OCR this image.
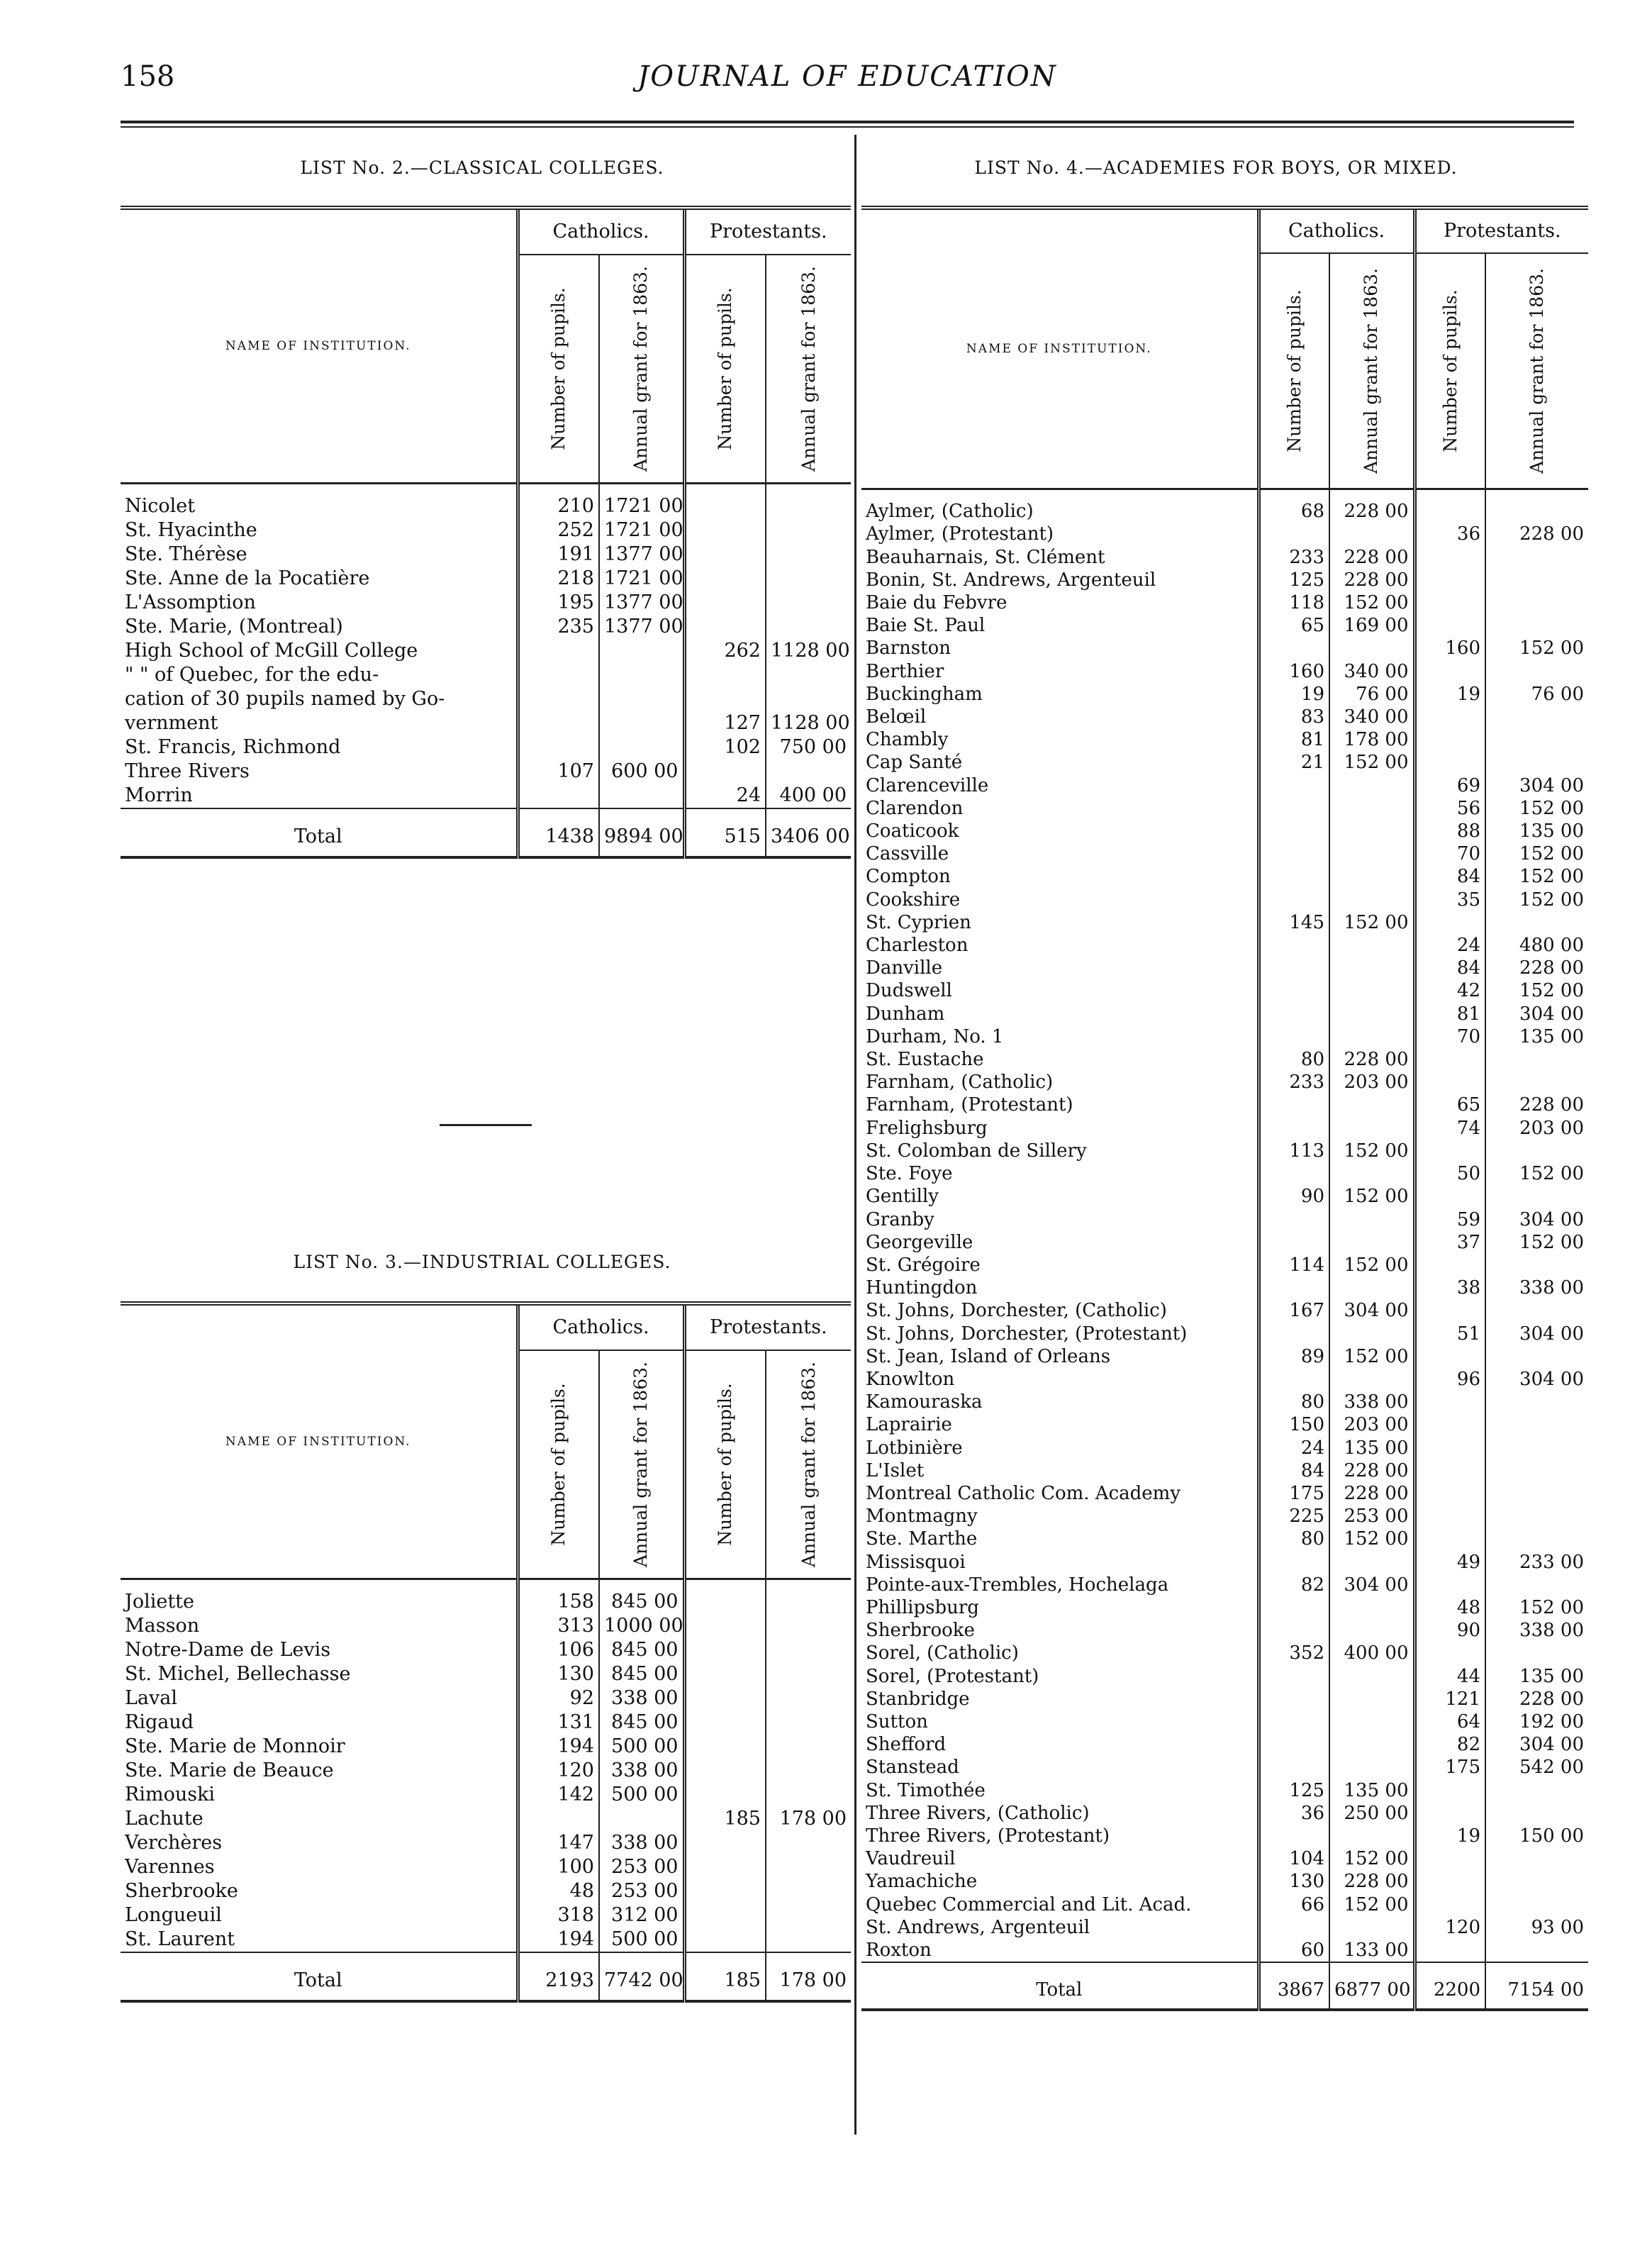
158	JOURNAL OF EDUCATION
LIST No. 2.—CLASSICAL COLLEGES.
NAME OF INSTITUTION.	Catholics.		Protestants.	

	Number of pupils.	Annual grant for 1863.	Number of pupils.	Annual grant for 1863.

Nicolet	210	1721 00		
St. Hyacinthe	252	1721 00		
Ste. Thérèse	191	1377 00		
Ste. Anne de la Pocatière	218	1721 00		
L'Assomption	195	1377 00		
Ste. Marie, (Montreal)	235	1377 00		
High School of McGill College			262	1128 00
" " of Quebec, for the edu-				
cation of 30 pupils named by Go-				
vernment			127	1128 00
St. Francis, Richmond			102	750 00
Three Rivers	107	600 00		
Morrin			24	400 00
Total	1438	9894 00	515	3406 00

LIST No. 3.—INDUSTRIAL COLLEGES.
NAME OF INSTITUTION.	Catholics.		Protestants.	

	Number of pupils.	Annual grant for 1863.	Number of pupils.	Annual grant for 1863.

Joliette	158	845 00		
Masson	313	1000 00		
Notre-Dame de Levis	106	845 00		
St. Michel, Bellechasse	130	845 00		
Laval	92	338 00		
Rigaud	131	845 00		
Ste. Marie de Monnoir	194	500 00		
Ste. Marie de Beauce	120	338 00		
Rimouski	142	500 00		
Lachute			185	178 00
Verchères	147	338 00		
Varennes	100	253 00		
Sherbrooke	48	253 00		
Longueuil	318	312 00		
St. Laurent	194	500 00		
Total	2193	7742 00	185	178 00

LIST No. 4.—ACADEMIES FOR BOYS, OR MIXED.
NAME OF INSTITUTION.	Catholics.		Protestants.	

	Number of pupils.	Annual grant for 1863.	Number of pupils.	Annual grant for 1863.

Aylmer, (Catholic)	68	228 00		
Aylmer, (Protestant)			36	228 00
Beauharnais, St. Clément	233	228 00		
Bonin, St. Andrews, Argenteuil	125	228 00		
Baie du Febvre	118	152 00		
Baie St. Paul	65	169 00		
Barnston			160	152 00
Berthier	160	340 00		
Buckingham	19	76 00	19	76 00
Belœil	83	340 00		
Chambly	81	178 00		
Cap Santé	21	152 00		
Clarenceville			69	304 00
Clarendon			56	152 00
Coaticook			88	135 00
Cassville			70	152 00
Compton			84	152 00
Cookshire			35	152 00
St. Cyprien	145	152 00		
Charleston			24	480 00
Danville			84	228 00
Dudswell			42	152 00
Dunham			81	304 00
Durham, No. 1			70	135 00
St. Eustache	80	228 00		
Farnham, (Catholic)	233	203 00		
Farnham, (Protestant)			65	228 00
Frelighsburg			74	203 00
St. Colomban de Sillery	113	152 00		
Ste. Foye			50	152 00
Gentilly	90	152 00		
Granby			59	304 00
Georgeville			37	152 00
St. Grégoire	114	152 00		
Huntingdon			38	338 00
St. Johns, Dorchester, (Catholic)	167	304 00		
St. Johns, Dorchester, (Protestant)			51	304 00
St. Jean, Island of Orleans	89	152 00		
Knowlton			96	304 00
Kamouraska	80	338 00		
Laprairie	150	203 00		
Lotbinière	24	135 00		
L'Islet	84	228 00		
Montreal Catholic Com. Academy	175	228 00		
Montmagny	225	253 00		
Ste. Marthe	80	152 00		
Missisquoi			49	233 00
Pointe-aux-Trembles, Hochelaga	82	304 00		
Phillipsburg			48	152 00
Sherbrooke			90	338 00
Sorel, (Catholic)	352	400 00		
Sorel, (Protestant)			44	135 00
Stanbridge			121	228 00
Sutton			64	192 00
Shefford			82	304 00
Stanstead			175	542 00
St. Timothée	125	135 00		
Three Rivers, (Catholic)	36	250 00		
Three Rivers, (Protestant)			19	150 00
Vaudreuil	104	152 00		
Yamachiche	130	228 00		
Quebec Commercial and Lit. Acad.	66	152 00		
St. Andrews, Argenteuil			120	93 00
Roxton	60	133 00		
Total	3867	6877 00	2200	7154 00
